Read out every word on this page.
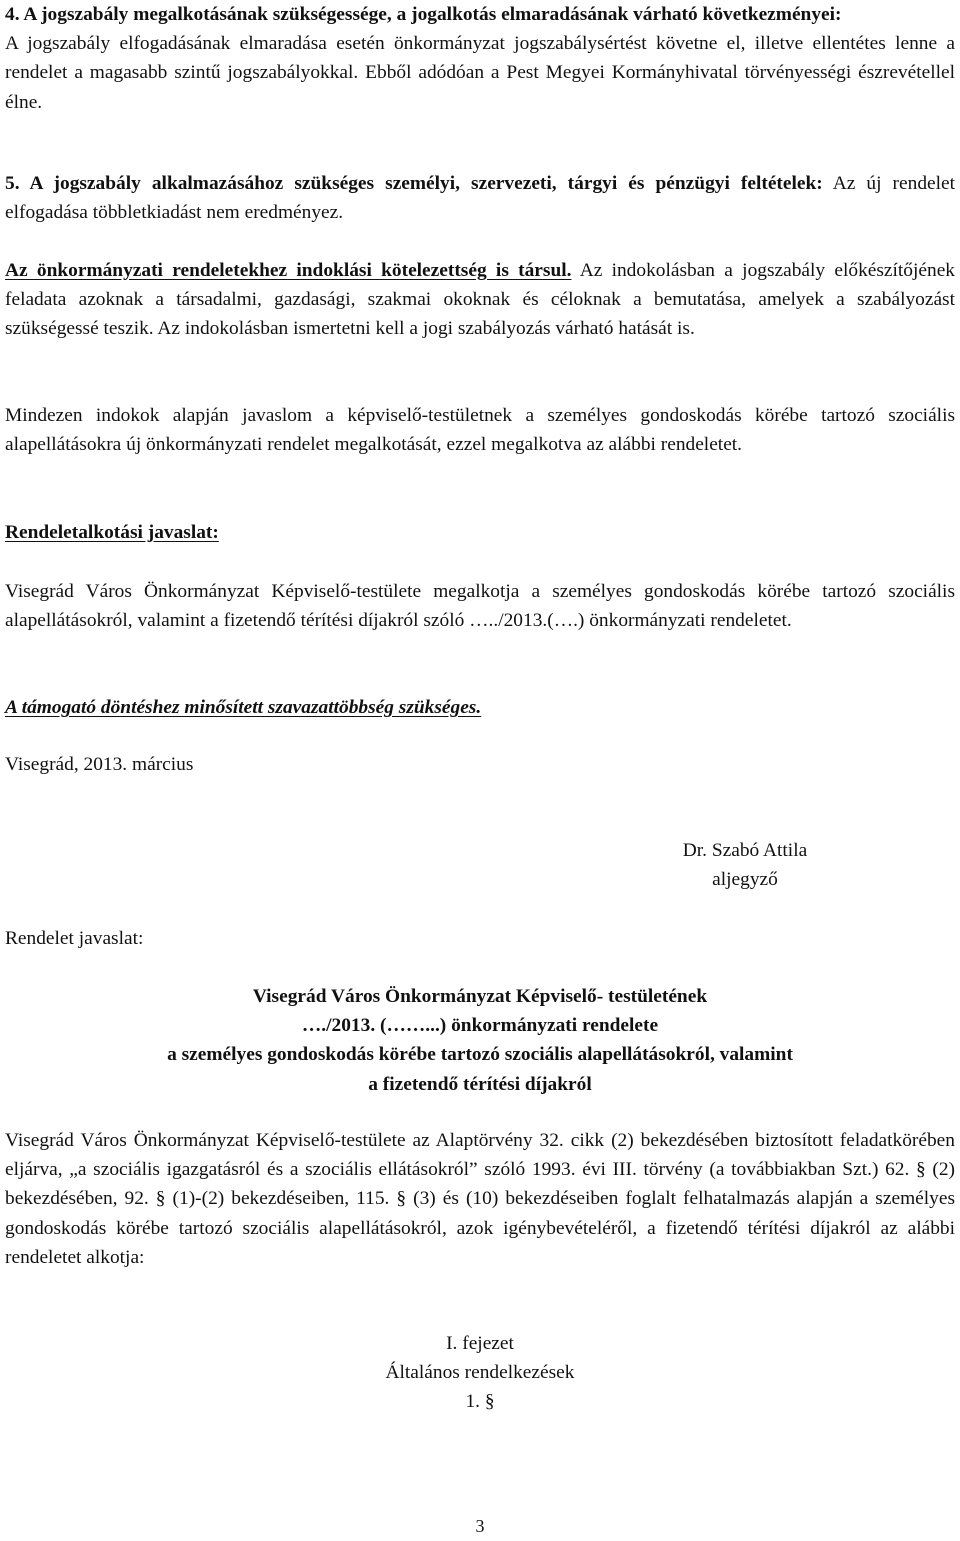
4. A jogszabály megalkotásának szükségessége, a jogalkotás elmaradásának várható következményei:
A jogszabály elfogadásának elmaradása esetén önkormányzat jogszabálysértést követne el, illetve ellentétes lenne a rendelet a magasabb szintű jogszabályokkal. Ebből adódóan a Pest Megyei Kormányhivatal törvényességi észrevétellel élne.

5. A jogszabály alkalmazásához szükséges személyi, szervezeti, tárgyi és pénzügyi feltételek: Az új rendelet elfogadása többletkiadást nem eredményez.

Az önkormányzati rendeletekhez indoklási kötelezettség is társul. Az indokolásban a jogszabály előkészítőjének feladata azoknak a társadalmi, gazdasági, szakmai okoknak és céloknak a bemutatása, amelyek a szabályozást szükségessé teszik. Az indokolásban ismertetni kell a jogi szabályozás várható hatását is.

Mindezen indokok alapján javaslom a képviselő-testületnek a személyes gondoskodás körébe tartozó szociális alapellátásokra új önkormányzati rendelet megalkotását, ezzel megalkotva az alábbi rendeletet.

Rendeletalkotási javaslat:

Visegrád Város Önkormányzat Képviselő-testülete megalkotja a személyes gondoskodás körébe tartozó szociális alapellátásokról, valamint a fizetendő térítési díjakról szóló …../2013.(….) önkormányzati rendeletet.

A támogató döntéshez minősített szavazattöbbség szükséges.

Visegrád, 2013. március

Dr. Szabó Attila
aljegyző

Rendelet javaslat:

Visegrád Város Önkormányzat Képviselő- testületének
…./2013. (……...) önkormányzati rendelete
a személyes gondoskodás körébe tartozó szociális alapellátásokról, valamint
a fizetendő térítési díjakról

Visegrád Város Önkormányzat Képviselő-testülete az Alaptörvény 32. cikk (2) bekezdésében biztosított feladatkörében eljárva, „a szociális igazgatásról és a szociális ellátásokról” szóló 1993. évi III. törvény (a továbbiakban Szt.) 62. § (2) bekezdésében, 92. § (1)-(2) bekezdéseiben, 115. § (3) és (10) bekezdéseiben foglalt felhatalmazás alapján a személyes gondoskodás körébe tartozó szociális alapellátásokról, azok igénybevételéről, a fizetendő térítési díjakról az alábbi rendeletet alkotja:

I. fejezet
Általános rendelkezések
1. §
3
